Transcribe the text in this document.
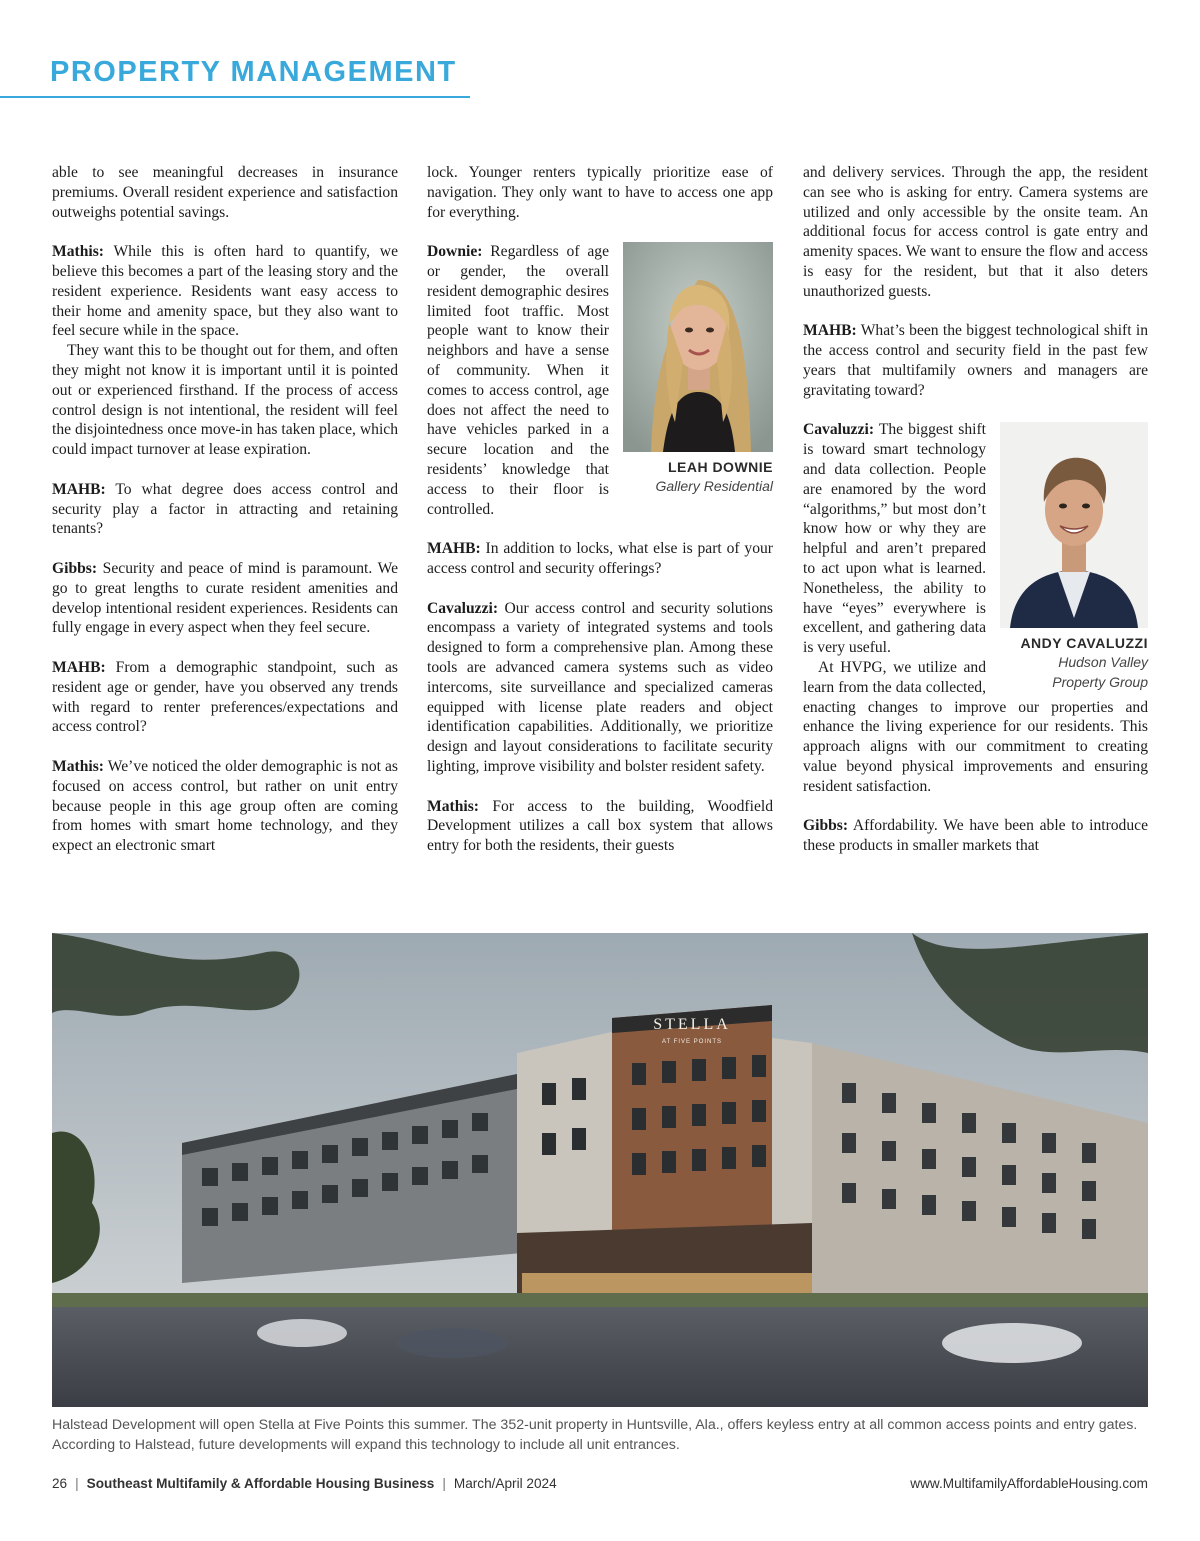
PROPERTY MANAGEMENT

able to see meaningful decreases in insurance premiums. Overall resident experience and satisfaction outweighs potential savings.

Mathis: While this is often hard to quantify, we believe this becomes a part of the leasing story and the resident experience. Residents want easy access to their home and amenity space, but they also want to feel secure while in the space.

They want this to be thought out for them, and often they might not know it is important until it is pointed out or experienced firsthand. If the process of access control design is not intentional, the resident will feel the disjointedness once move-in has taken place, which could impact turnover at lease expiration.

MAHB: To what degree does access control and security play a factor in attracting and retaining tenants?

Gibbs: Security and peace of mind is paramount. We go to great lengths to curate resident amenities and develop intentional resident experiences. Residents can fully engage in every aspect when they feel secure.

MAHB: From a demographic standpoint, such as resident age or gender, have you observed any trends with regard to renter preferences/expectations and access control?

Mathis: We’ve noticed the older demographic is not as focused on access control, but rather on unit entry because people in this age group often are coming from homes with smart home technology, and they expect an electronic smart

lock. Younger renters typically prioritize ease of navigation. They only want to have to access one app for everything.

LEAH DOWNIE
Gallery Residential

Downie: Regardless of age or gender, the overall resident demographic desires limited foot traffic. Most people want to know their neighbors and have a sense of community. When it comes to access control, age does not affect the need to have vehicles parked in a secure location and the residents’ knowledge that access to their floor is controlled.

MAHB: In addition to locks, what else is part of your access control and security offerings?

Cavaluzzi: Our access control and security solutions encompass a variety of integrated systems and tools designed to form a comprehensive plan. Among these tools are advanced camera systems such as video intercoms, site surveillance and specialized cameras equipped with license plate readers and object identification capabilities. Additionally, we prioritize design and layout considerations to facilitate security lighting, improve visibility and bolster resident safety.

Mathis: For access to the building, Woodfield Development utilizes a call box system that allows entry for both the residents, their guests

and delivery services. Through the app, the resident can see who is asking for entry. Camera systems are utilized and only accessible by the onsite team. An additional focus for access control is gate entry and amenity spaces. We want to ensure the flow and access is easy for the resident, but that it also deters unauthorized guests.

MAHB: What’s been the biggest technological shift in the access control and security field in the past few years that multifamily owners and managers are gravitating toward?

ANDY CAVALUZZI
Hudson Valley
Property Group

Cavaluzzi: The biggest shift is toward smart technology and data collection. People are enamored by the word “algorithms,” but most don’t know how or why they are helpful and aren’t prepared to act upon what is learned. Nonetheless, the ability to have “eyes” everywhere is excellent, and gathering data is very useful.

At HVPG, we utilize and learn from the data collected, enacting changes to improve our properties and enhance the living experience for our residents. This approach aligns with our commitment to creating value beyond physical improvements and ensuring resident satisfaction.

Gibbs: Affordability. We have been able to introduce these products in smaller markets that

STELLA
AT FIVE POINTS
Halstead Development will open Stella at Five Points this summer. The 352-unit property in Huntsville, Ala., offers keyless entry at all common access points and entry gates. According to Halstead, future developments will expand this technology to include all unit entrances.
26 | Southeast Multifamily & Affordable Housing Business | March/April 2024	www.MultifamilyAffordableHousing.com
